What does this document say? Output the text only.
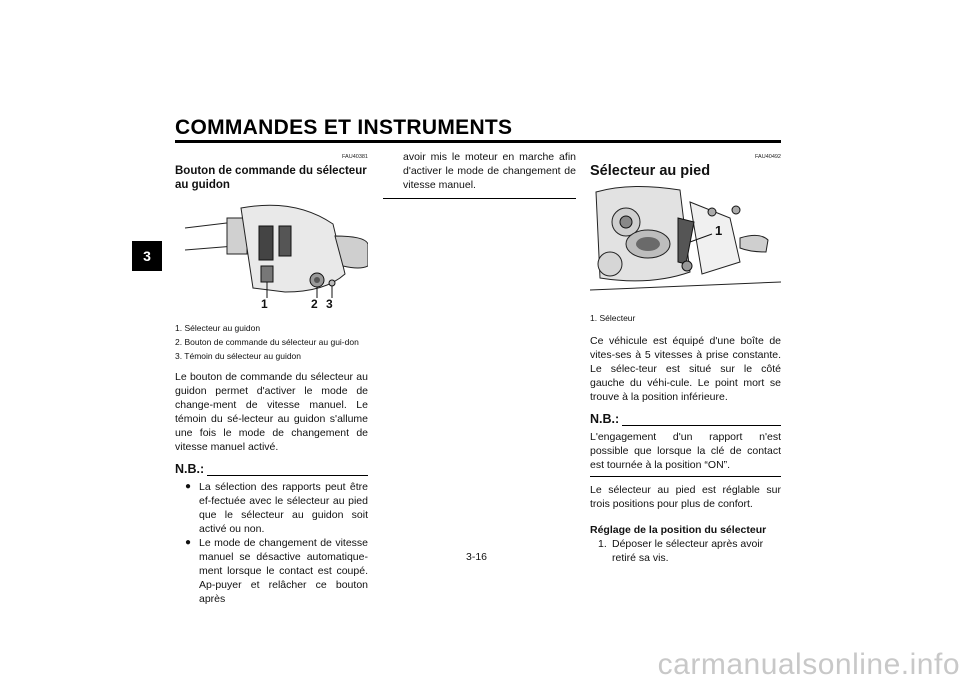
COMMANDES ET INSTRUMENTS
3
FAU40381
Bouton de commande du sélecteur au guidon
1	2 3
1. Sélecteur au guidon
2. Bouton de commande du sélecteur au gui-don
3. Témoin du sélecteur au guidon
Le bouton de commande du sélecteur au guidon permet d'activer le mode de change-ment de vitesse manuel. Le témoin du sé-lecteur au guidon s'allume une fois le mode de changement de vitesse manuel activé.
N.B.:
● La sélection des rapports peut être ef-fectuée avec le sélecteur au pied que le sélecteur au guidon soit activé ou non.
● Le mode de changement de vitesse manuel se désactive automatique-ment lorsque le contact est coupé. Ap-puyer et relâcher ce bouton après
avoir mis le moteur en marche afin d'activer le mode de changement de vitesse manuel.
FAU40492
Sélecteur au pied
1
1. Sélecteur
Ce véhicule est équipé d'une boîte de vites-ses à 5 vitesses à prise constante. Le sélec-teur est situé sur le côté gauche du véhi-cule. Le point mort se trouve à la position inférieure.
N.B.:
L'engagement d'un rapport n'est possible que lorsque la clé de contact est tournée à la position “ON”.
Le sélecteur au pied est réglable sur trois positions pour plus de confort.
Réglage de la position du sélecteur
1. Déposer le sélecteur après avoir retiré sa vis.
3-16
carmanualsonline.info
